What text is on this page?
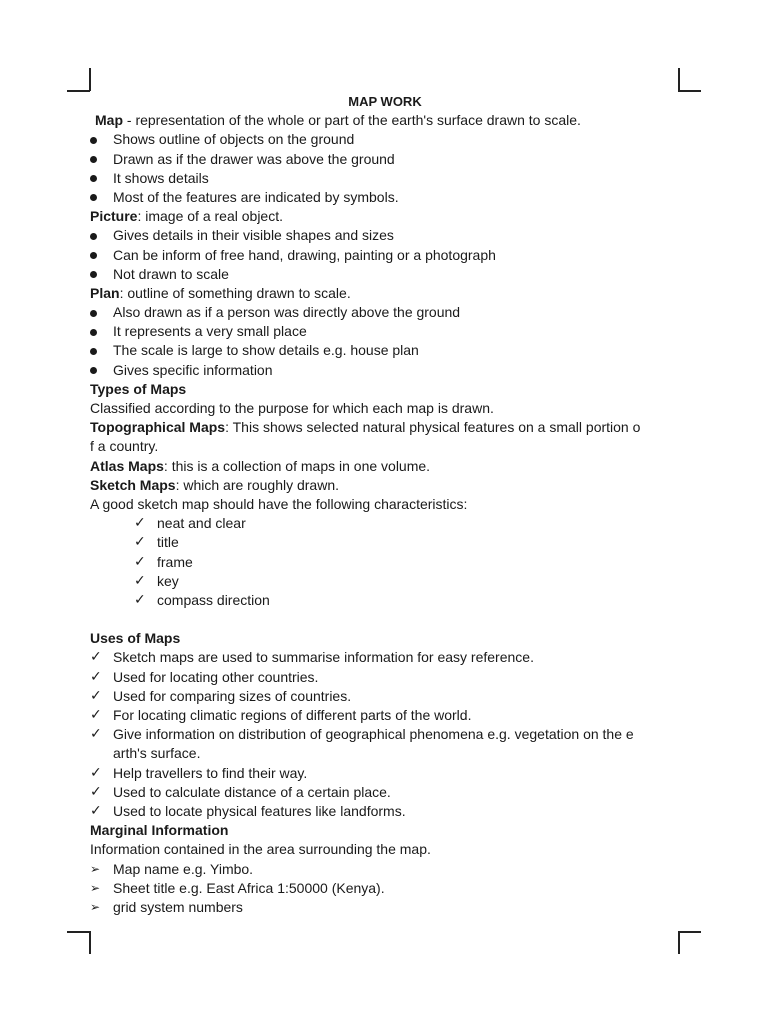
MAP WORK
Map - representation of the whole or part of the earth's surface drawn to scale.
Shows outline of objects on the ground
Drawn as if the drawer was above the ground
It shows details
Most of the features are indicated by symbols.
Picture: image of a real object.
Gives details in their visible shapes and sizes
Can be inform of free hand, drawing, painting or a photograph
Not drawn to scale
Plan: outline of something drawn to scale.
Also drawn as if a person was directly above the ground
It represents a very small place
The scale is large to show details e.g. house plan
Gives specific information
Types of Maps
Classified according to the purpose for which each map is drawn.
Topographical Maps: This shows selected natural physical features on a small portion o
f a country.
Atlas Maps: this is a collection of maps in one volume.
Sketch Maps: which are roughly drawn.
A good sketch map should have the following characteristics:
✓ neat and clear
✓ title
✓ frame
✓ key
✓ compass direction
Uses of Maps
✓ Sketch maps are used to summarise information for easy reference.
✓ Used for locating other countries.
✓ Used for comparing sizes of countries.
✓ For locating climatic regions of different parts of the world.
✓ Give information on distribution of geographical phenomena e.g. vegetation on the e
arth's surface.
✓ Help travellers to find their way.
✓ Used to calculate distance of a certain place.
✓ Used to locate physical features like landforms.
Marginal Information
Information contained in the area surrounding the map.
➢ Map name e.g. Yimbo.
➢ Sheet title e.g. East Africa 1:50000 (Kenya).
➢ grid system numbers
